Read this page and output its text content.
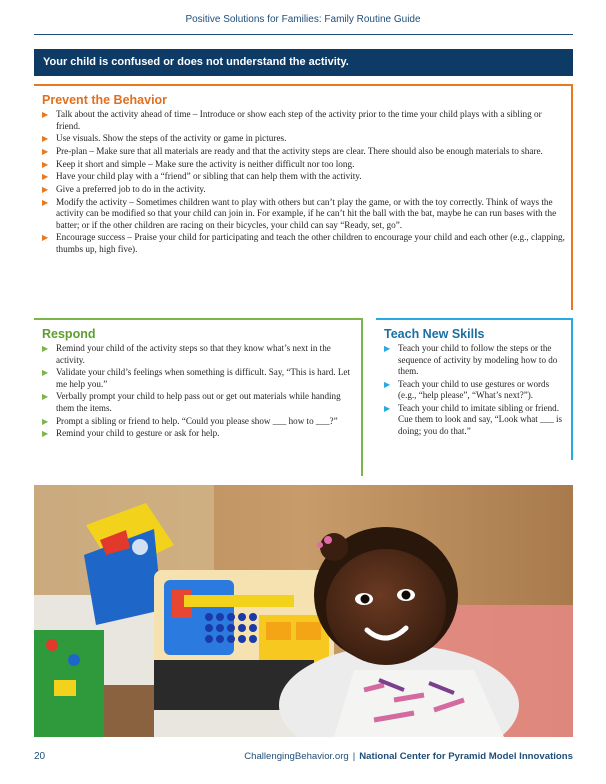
Positive Solutions for Families: Family Routine Guide
Your child is confused or does not understand the activity.
Prevent the Behavior
▶ Talk about the activity ahead of time – Introduce or show each step of the activity prior to the time your child plays with a sibling or friend.
▶ Use visuals. Show the steps of the activity or game in pictures.
▶ Pre-plan – Make sure that all materials are ready and that the activity steps are clear. There should also be enough materials to share.
▶ Keep it short and simple – Make sure the activity is neither difficult nor too long.
▶ Have your child play with a “friend” or sibling that can help them with the activity.
▶ Give a preferred job to do in the activity.
▶ Modify the activity – Sometimes children want to play with others but can’t play the game, or with the toy correctly. Think of ways the activity can be modified so that your child can join in. For example, if he can’t hit the ball with the bat, maybe he can run bases with the batter; or if the other children are racing on their bicycles, your child can say “Ready, set, go”.
▶ Encourage success – Praise your child for participating and teach the other children to encourage your child and each other (e.g., clapping, thumbs up, high five).
Respond
▶ Remind your child of the activity steps so that they know what’s next in the activity.
▶ Validate your child’s feelings when something is difficult. Say, “This is hard. Let me help you.”
▶ Verbally prompt your child to help pass out or get out materials while handing them the items.
▶ Prompt a sibling or friend to help. “Could you please show ___ how to ___?”
▶ Remind your child to gesture or ask for help.
Teach New Skills
▶ Teach your child to follow the steps or the sequence of activity by modeling how to do them.
▶ Teach your child to use gestures or words (e.g., “help please”, “What’s next?”).
▶ Teach your child to imitate sibling or friend. Cue them to look and say, “Look what ___ is doing; you do that.”
20	ChallengingBehavior.org | National Center for Pyramid Model Innovations
